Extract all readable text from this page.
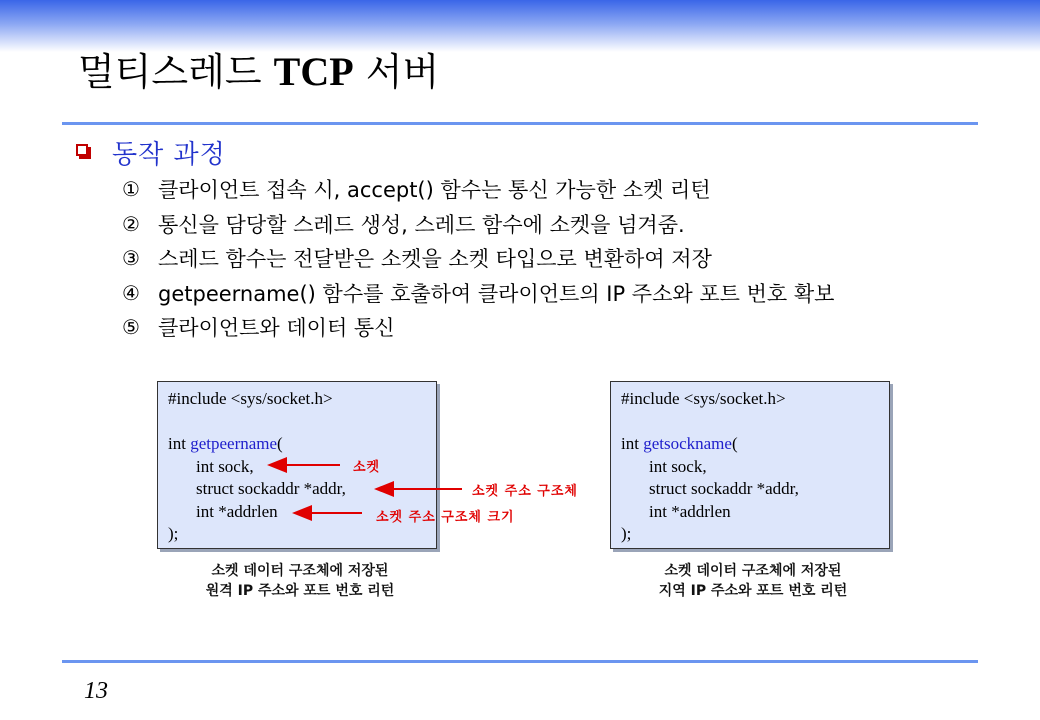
멀티스레드 TCP 서버
동작 과정
① 클라이언트 접속 시, accept() 함수는 통신 가능한 소켓 리턴
② 통신을 담당할 스레드 생성, 스레드 함수에 소켓을 넘겨줌.
③ 스레드 함수는 전달받은 소켓을 소켓 타입으로 변환하여 저장
④ getpeername() 함수를 호출하여 클라이언트의 IP 주소와 포트 번호 확보
⑤ 클라이언트와 데이터 통신
#include <sys/socket.h>
int getpeername(
int sock,
struct sockaddr *addr,
int *addrlen
);
#include <sys/socket.h>
int getsockname(
int sock,
struct sockaddr *addr,
int *addrlen
);
소켓
소켓 주소 구조체
소켓 주소 구조체 크기
소켓 데이터 구조체에 저장된
원격 IP 주소와 포트 번호 리턴
소켓 데이터 구조체에 저장된
지역 IP 주소와 포트 번호 리턴
13
